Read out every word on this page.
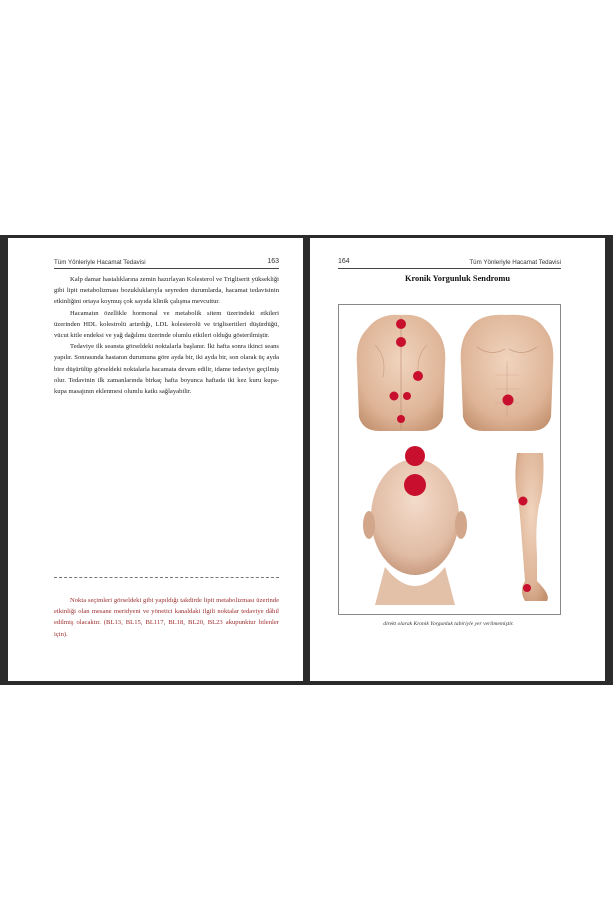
Tüm Yönleriyle Hacamat Tedavisi	163

Kalp damar hastalıklarına zemin hazırlayan Kolesterol ve Trigliserit yüksekliği gibi lipit metabolizması bozukluklarıyla seyreden durumlarda, hacamat tedavisinin etkinliğini ortaya koymuş çok sayıda klinik çalışma mevcuttur.

Hacamatın özellikle hormonal ve metabolik sitem üzerindeki etkileri üzerinden HDL kolestrolü artırdığı, LDL kolesterolü ve trigliseritleri düşürdüğü, vücut kitle endeksi ve yağ dağılımı üzerinde olumlu etkileri olduğu gösterilmiştir.

Tedaviye ilk seansta görseldeki noktalarla başlanır. İki hafta sonra ikinci seans yapılır. Sonrasında hastanın durumuna göre ayda bir, iki ayda bir, son olarak üç ayda bire düşürülüp görseldeki noktalarla hacamata devam edilir, idame tedaviye geçilmiş olur. Tedavinin ilk zamanlarında birkaç hafta boyunca haftada iki kez kuru kupa-kupa masajının eklenmesi olumlu katkı sağlayabilir.

Nokta seçimleri görseldeki gibi yapıldığı takdirde lipit metabolizması üzerinde etkinliği olan mesane meridyeni ve yönetici kanaldaki ilgili noktalar tedaviye dâhil edilmiş olacaktır. (BL13, BL15, BL117, BL18, BL20, BL23 akupunktur bilenler için).
164	Tüm Yönleriyle Hacamat Tedavisi
Kronik Yorgunluk Sendromu
direkt olarak Kronik Yorgunluk tabiriyle yer verilmemiştir.
